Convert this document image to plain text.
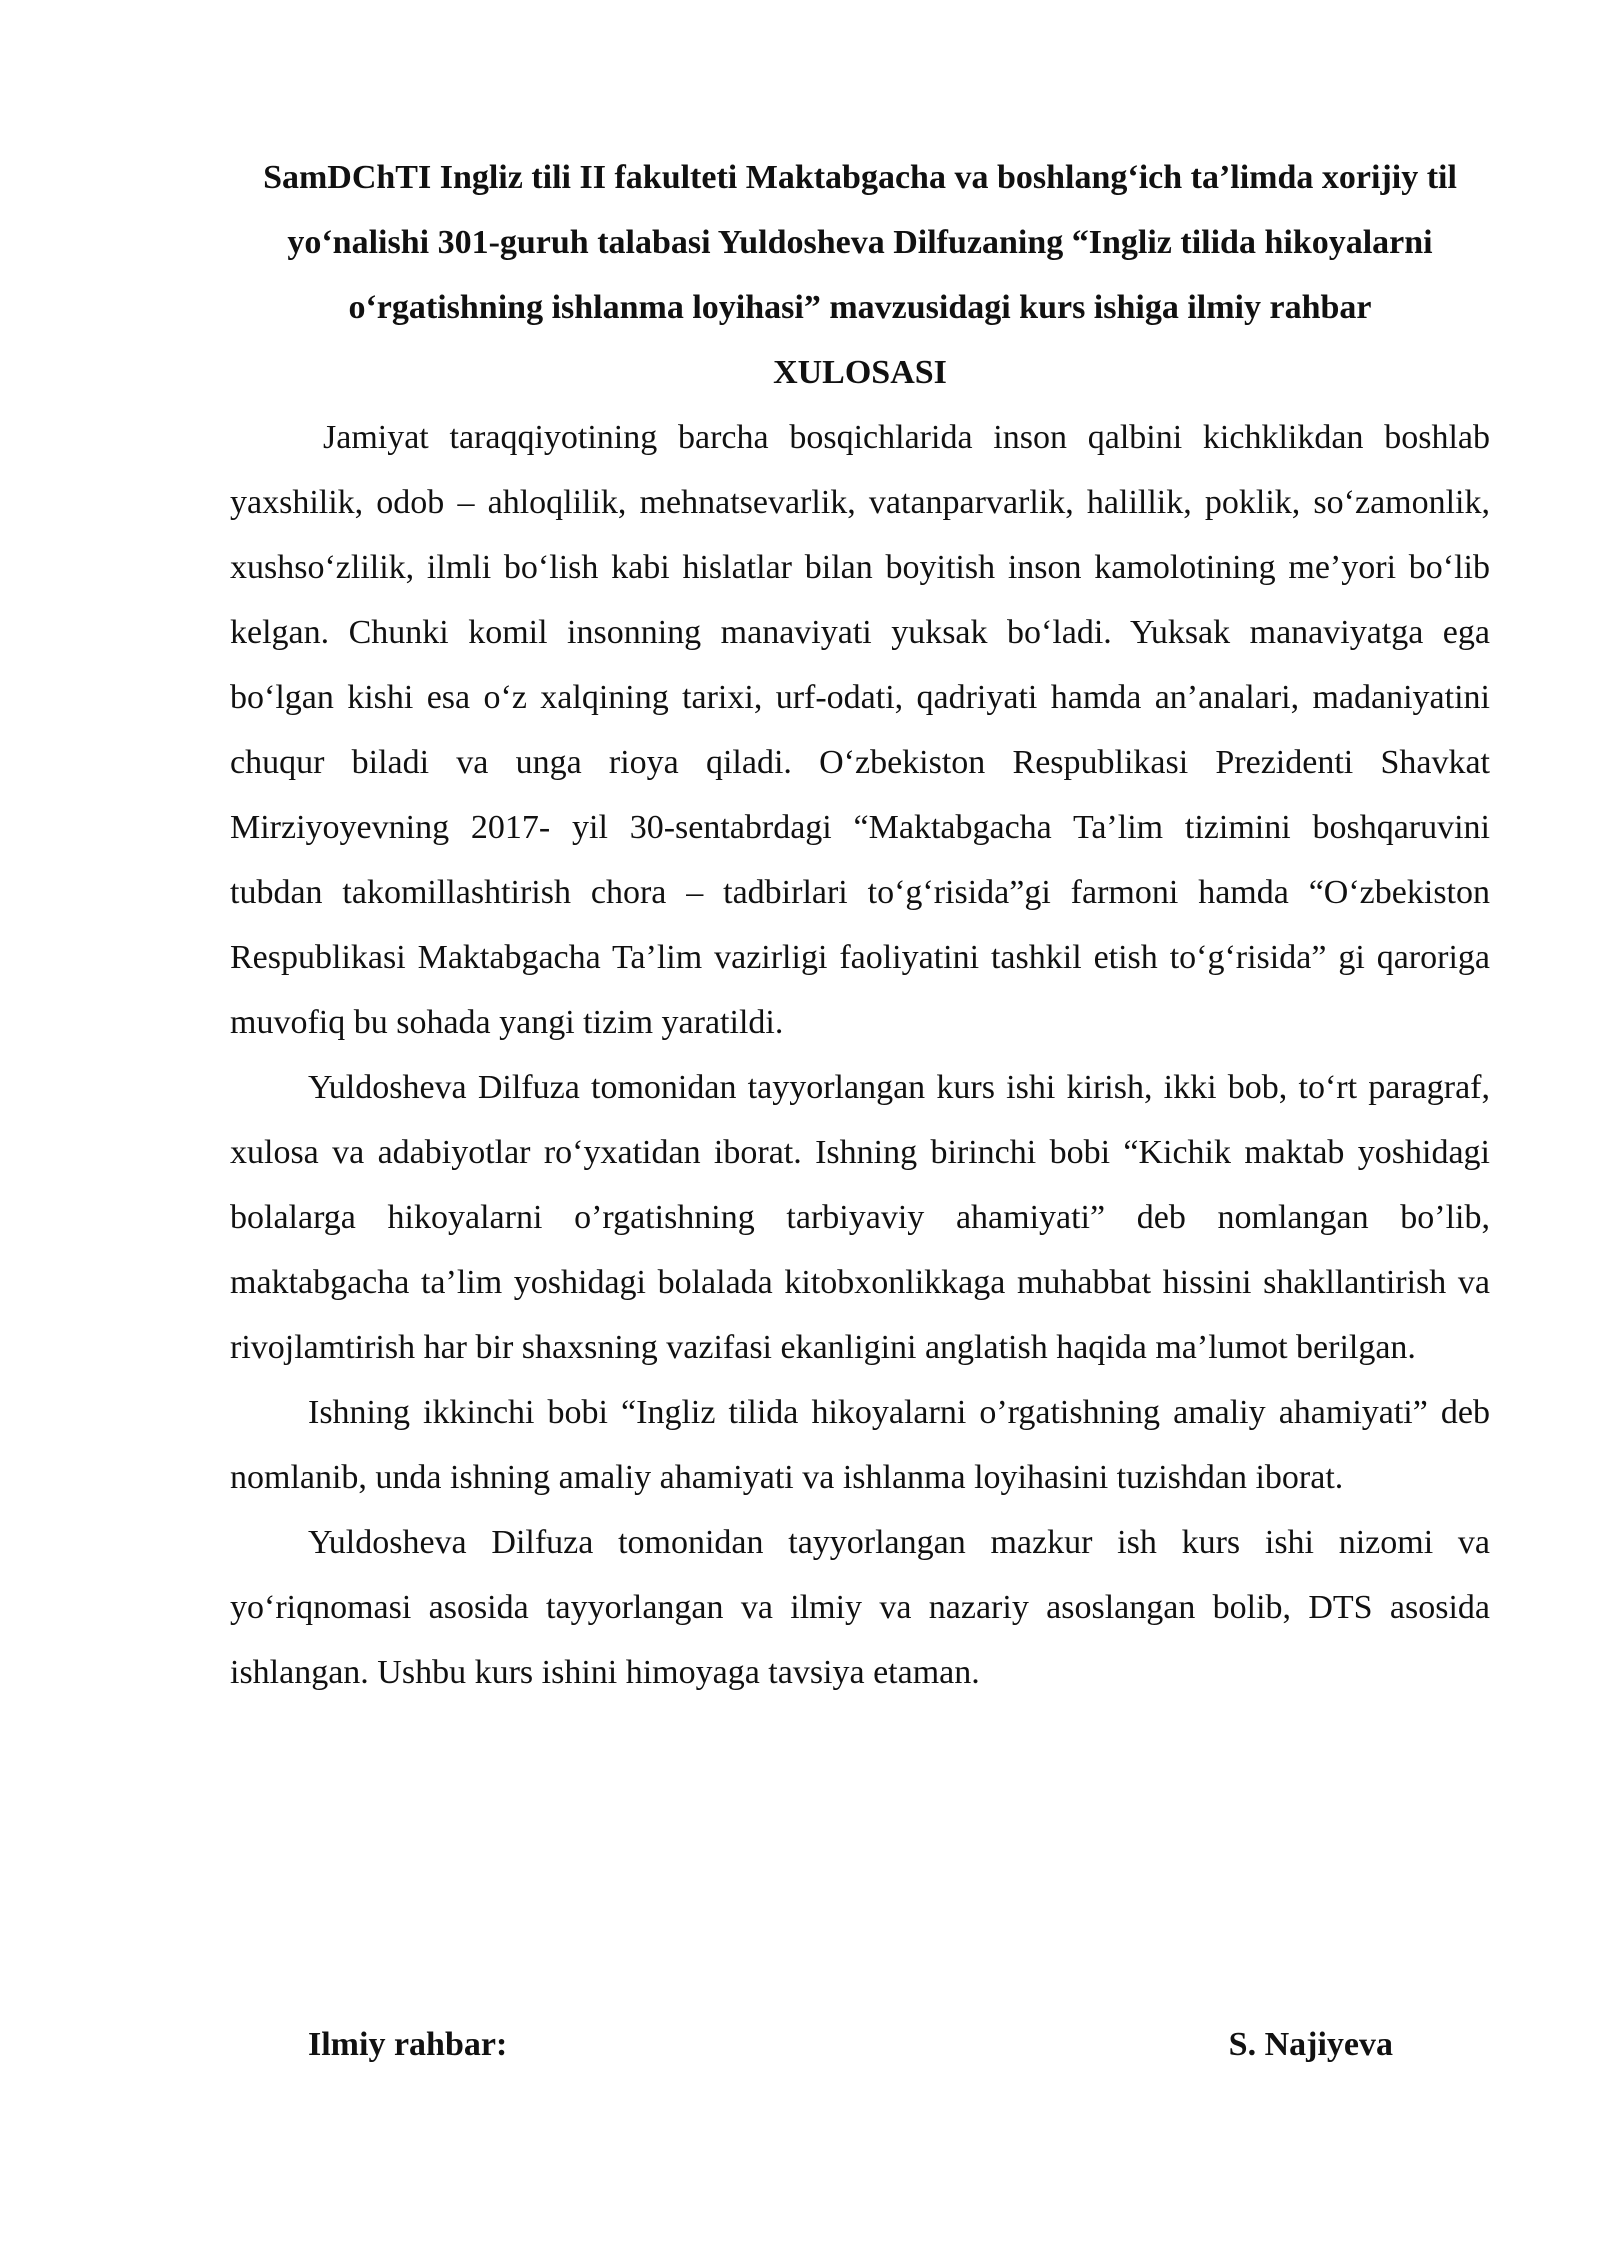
SamDChTI Ingliz tili II fakulteti Maktabgacha va boshlang‘ich ta’limda xorijiy til yo‘nalishi 301-guruh talabasi Yuldosheva Dilfuzaning “Ingliz tilida hikoyalarni o‘rgatishning ishlanma loyihasi” mavzusidagi kurs ishiga ilmiy rahbar

XULOSASI

Jamiyat taraqqiyotining barcha bosqichlarida inson qalbini kichklikdan boshlab yaxshilik, odob – ahloqlilik, mehnatsevarlik, vatanparvarlik, halillik, poklik, so‘zamonlik, xushso‘zlilik, ilmli bo‘lish kabi hislatlar bilan boyitish inson kamolotining me’yori bo‘lib kelgan. Chunki komil insonning manaviyati yuksak bo‘ladi. Yuksak manaviyatga ega bo‘lgan kishi esa o‘z xalqining tarixi, urf-odati, qadriyati hamda an’analari, madaniyatini chuqur biladi va unga rioya qiladi. O‘zbekiston Respublikasi Prezidenti Shavkat Mirziyoyevning 2017- yil 30-sentabrdagi “Maktabgacha Ta’lim tizimini boshqaruvini tubdan takomillashtirish chora – tadbirlari to‘g‘risida”gi farmoni hamda “O‘zbekiston Respublikasi Maktabgacha Ta’lim vazirligi faoliyatini tashkil etish to‘g‘risida” gi qaroriga muvofiq bu sohada yangi tizim yaratildi.

Yuldosheva Dilfuza tomonidan tayyorlangan kurs ishi kirish, ikki bob, to‘rt paragraf, xulosa va adabiyotlar ro‘yxatidan iborat. Ishning birinchi bobi “Kichik maktab yoshidagi bolalarga hikoyalarni o’rgatishning tarbiyaviy ahamiyati” deb nomlangan bo’lib, maktabgacha ta’lim yoshidagi bolalada kitobxonlikkaga muhabbat hissini shakllantirish va rivojlamtirish har bir shaxsning vazifasi ekanligini anglatish haqida ma’lumot berilgan.

Ishning ikkinchi bobi “Ingliz tilida hikoyalarni o’rgatishning amaliy ahamiyati” deb nomlanib, unda ishning amaliy ahamiyati va ishlanma loyihasini tuzishdan iborat.

Yuldosheva Dilfuza tomonidan tayyorlangan mazkur ish kurs ishi nizomi va yo‘riqnomasi asosida tayyorlangan va ilmiy va nazariy asoslangan bolib, DTS asosida ishlangan. Ushbu kurs ishini himoyaga tavsiya etaman.

Ilmiy rahbar:	S. Najiyeva
